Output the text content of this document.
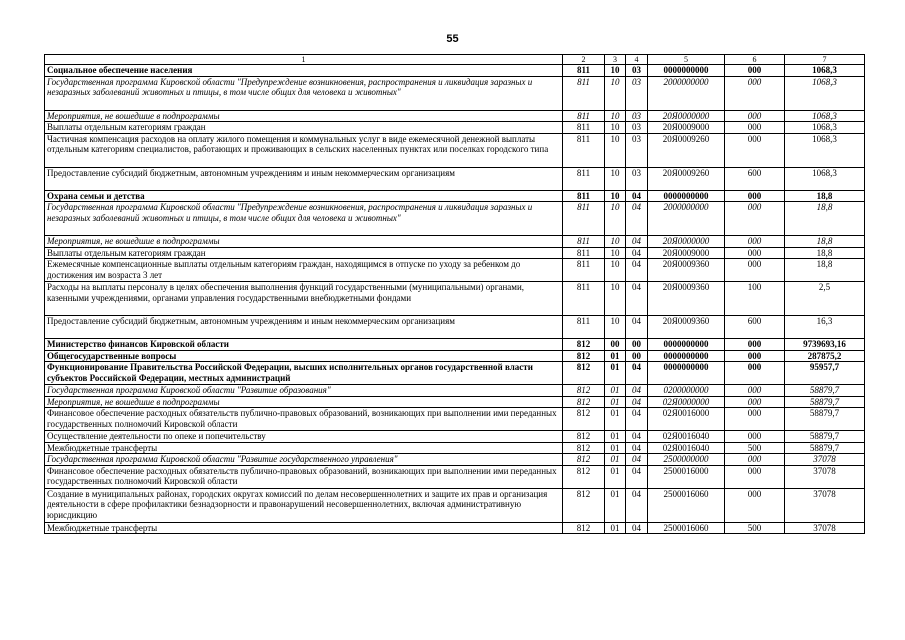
55
1	2	3	4	5	6	7
Социальное обеспечение населения	811	10	03	0000000000	000	1068,3
Государственная программа Кировской области "Предупреждение возникновения, распространения и ликвидация заразных и незаразных заболеваний животных и птицы, в том числе общих для человека и животных"	811	10	03	2000000000	000	1068,3
Мероприятия, не вошедшие в подпрограммы	811	10	03	20Я0000000	000	1068,3
Выплаты отдельным категориям граждан	811	10	03	20Я0009000	000	1068,3
Частичная компенсация расходов на оплату жилого помещения и коммунальных услуг в виде ежемесячной денежной выплаты отдельным категориям специалистов, работающих и проживающих в сельских населенных пунктах или поселках городского типа	811	10	03	20Я0009260	000	1068,3
Предоставление субсидий бюджетным, автономным учреждениям и иным некоммерческим организациям	811	10	03	20Я0009260	600	1068,3
Охрана семьи и детства	811	10	04	0000000000	000	18,8
Государственная программа Кировской области "Предупреждение возникновения, распространения и ликвидация заразных и незаразных заболеваний животных и птицы, в том числе общих для человека и животных"	811	10	04	2000000000	000	18,8
Мероприятия, не вошедшие в подпрограммы	811	10	04	20Я0000000	000	18,8
Выплаты отдельным категориям граждан	811	10	04	20Я0009000	000	18,8
Ежемесячные компенсационные выплаты отдельным категориям граждан, находящимся в отпуске по уходу за ребенком до достижения им возраста 3 лет	811	10	04	20Я0009360	000	18,8
Расходы на выплаты персоналу в целях обеспечения выполнения функций государственными (муниципальными) органами, казенными учреждениями, органами управления государственными внебюджетными фондами	811	10	04	20Я0009360	100	2,5
Предоставление субсидий бюджетным, автономным учреждениям и иным некоммерческим организациям	811	10	04	20Я0009360	600	16,3
Министерство финансов Кировской области	812	00	00	0000000000	000	9739693,16
Общегосударственные вопросы	812	01	00	0000000000	000	287875,2
Функционирование Правительства Российской Федерации, высших исполнительных органов государственной власти субъектов Российской Федерации, местных администраций	812	01	04	0000000000	000	95957,7
Государственная программа Кировской области "Развитие образования"	812	01	04	0200000000	000	58879,7
Мероприятия, не вошедшие в подпрограммы	812	01	04	02Я0000000	000	58879,7
Финансовое обеспечение расходных обязательств публично-правовых образований, возникающих при выполнении ими переданных государственных полномочий Кировской области	812	01	04	02Я0016000	000	58879,7
Осуществление деятельности по опеке и попечительству	812	01	04	02Я0016040	000	58879,7
Межбюджетные трансферты	812	01	04	02Я0016040	500	58879,7
Государственная программа Кировской области "Развитие государственного управления"	812	01	04	2500000000	000	37078
Финансовое обеспечение расходных обязательств публично-правовых образований, возникающих при выполнении ими переданных государственных полномочий Кировской области	812	01	04	2500016000	000	37078
Создание в муниципальных районах, городских округах комиссий по делам несовершеннолетних и защите их прав и организация деятельности в сфере профилактики безнадзорности и правонарушений несовершеннолетних, включая административную юрисдикцию	812	01	04	2500016060	000	37078
Межбюджетные трансферты	812	01	04	2500016060	500	37078
